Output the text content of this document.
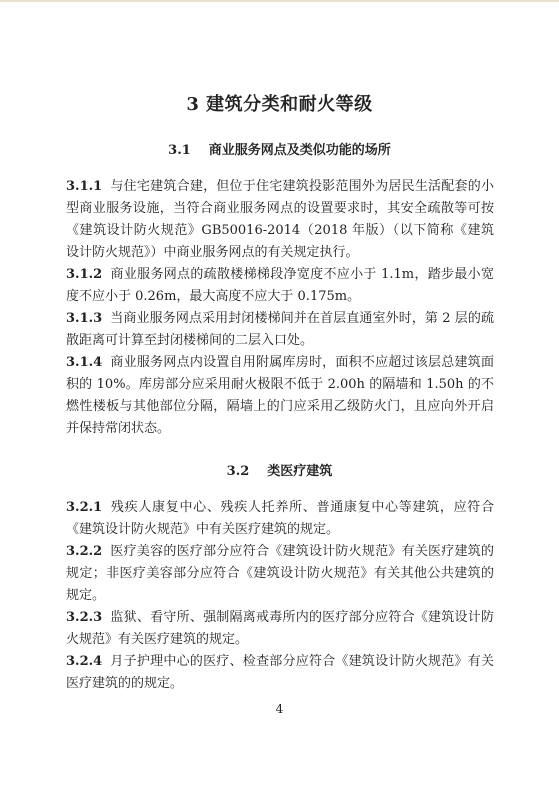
3 建筑分类和耐火等级
3.1 商业服务网点及类似功能的场所
3.1.1 与住宅建筑合建，但位于住宅建筑投影范围外为居民生活配套的小型商业服务设施，当符合商业服务网点的设置要求时，其安全疏散等可按《建筑设计防火规范》GB50016-2014（2018 年版）（以下简称《建筑设计防火规范》）中商业服务网点的有关规定执行。
3.1.2 商业服务网点的疏散楼梯梯段净宽度不应小于 1.1m，踏步最小宽度不应小于 0.26m，最大高度不应大于 0.175m。
3.1.3 当商业服务网点采用封闭楼梯间并在首层直通室外时，第 2 层的疏散距离可计算至封闭楼梯间的二层入口处。
3.1.4 商业服务网点内设置自用附属库房时，面积不应超过该层总建筑面积的 10%。库房部分应采用耐火极限不低于 2.00h 的隔墙和 1.50h 的不燃性楼板与其他部位分隔，隔墙上的门应采用乙级防火门，且应向外开启并保持常闭状态。
3.2 类医疗建筑
3.2.1 残疾人康复中心、残疾人托养所、普通康复中心等建筑，应符合《建筑设计防火规范》中有关医疗建筑的规定。
3.2.2 医疗美容的医疗部分应符合《建筑设计防火规范》有关医疗建筑的规定；非医疗美容部分应符合《建筑设计防火规范》有关其他公共建筑的规定。
3.2.3 监狱、看守所、强制隔离戒毒所内的医疗部分应符合《建筑设计防火规范》有关医疗建筑的规定。
3.2.4 月子护理中心的医疗、检查部分应符合《建筑设计防火规范》有关医疗建筑的的规定。
4
